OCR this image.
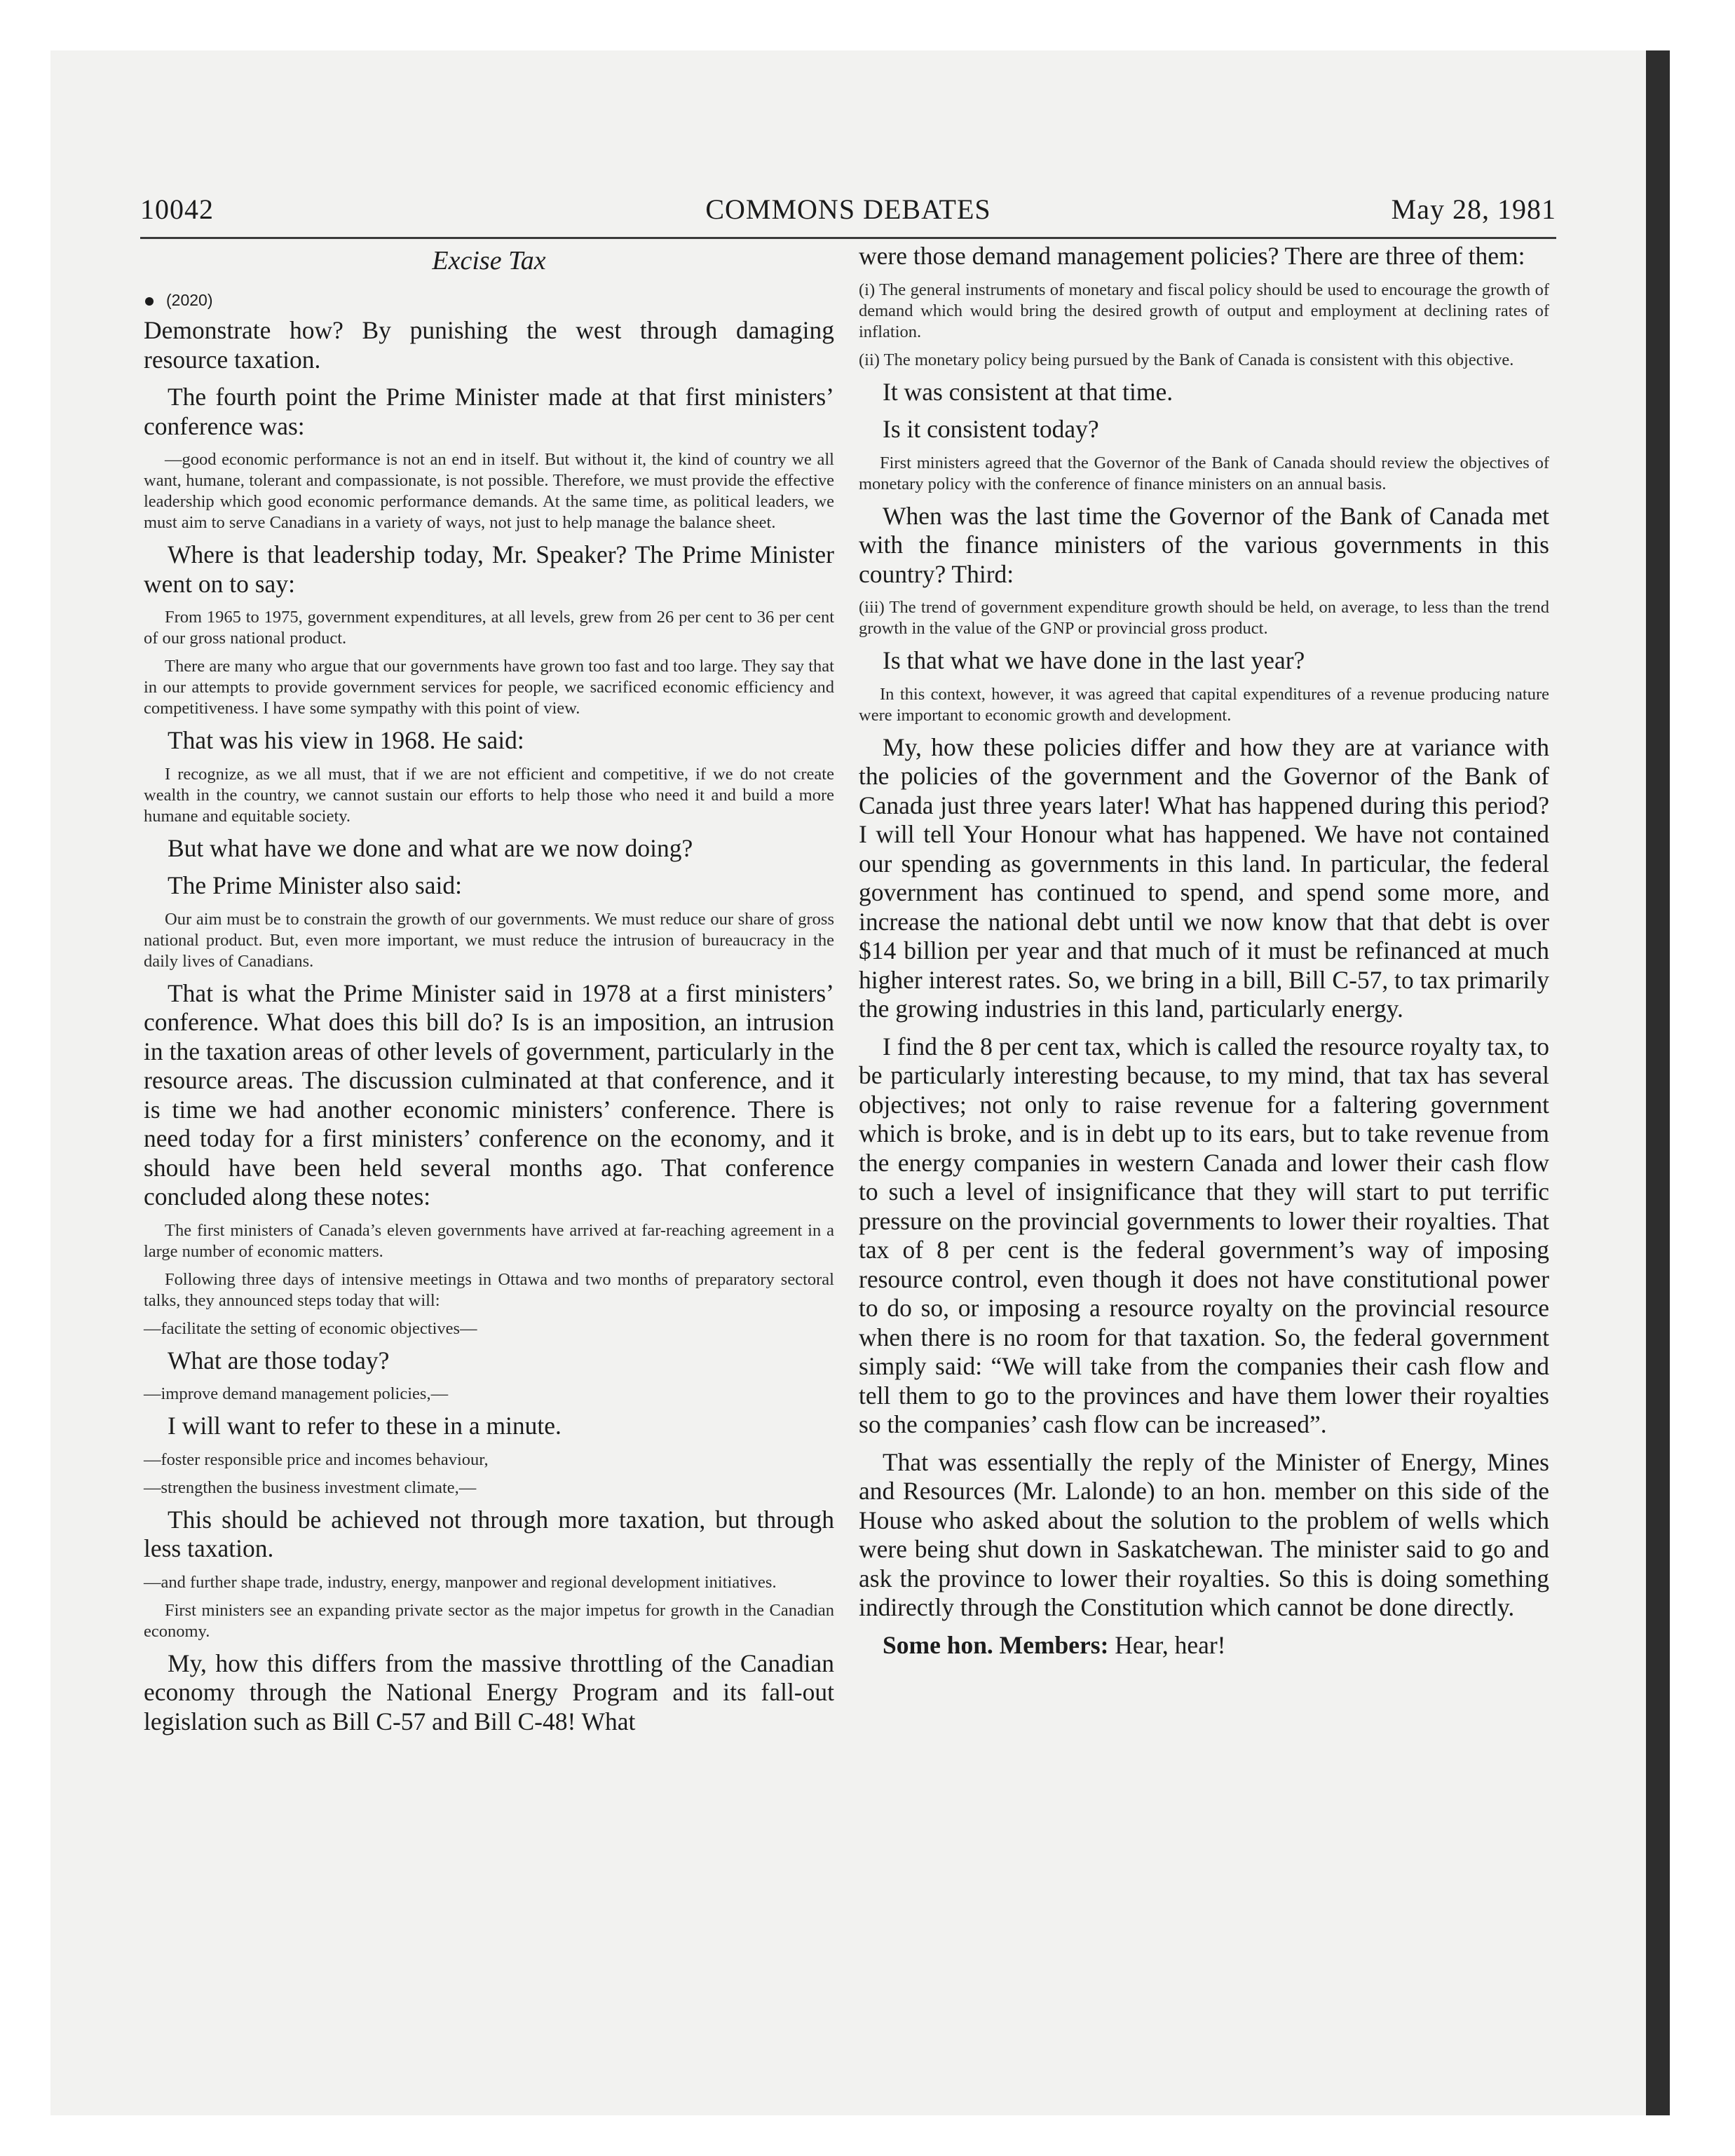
10042	COMMONS DEBATES	May 28, 1981
Excise Tax
(2020)

Demonstrate how? By punishing the west through damaging resource taxation.

The fourth point the Prime Minister made at that first ministers’ conference was:

—good economic performance is not an end in itself. But without it, the kind of country we all want, humane, tolerant and compassionate, is not possible. Therefore, we must provide the effective leadership which good economic performance demands. At the same time, as political leaders, we must aim to serve Canadians in a variety of ways, not just to help manage the balance sheet.

Where is that leadership today, Mr. Speaker? The Prime Minister went on to say:

From 1965 to 1975, government expenditures, at all levels, grew from 26 per cent to 36 per cent of our gross national product.

There are many who argue that our governments have grown too fast and too large. They say that in our attempts to provide government services for people, we sacrificed economic efficiency and competitiveness. I have some sympathy with this point of view.

That was his view in 1968. He said:

I recognize, as we all must, that if we are not efficient and competitive, if we do not create wealth in the country, we cannot sustain our efforts to help those who need it and build a more humane and equitable society.

But what have we done and what are we now doing?

The Prime Minister also said:

Our aim must be to constrain the growth of our governments. We must reduce our share of gross national product. But, even more important, we must reduce the intrusion of bureaucracy in the daily lives of Canadians.

That is what the Prime Minister said in 1978 at a first ministers’ conference. What does this bill do? Is is an imposition, an intrusion in the taxation areas of other levels of government, particularly in the resource areas. The discussion culminated at that conference, and it is time we had another economic ministers’ conference. There is need today for a first ministers’ conference on the economy, and it should have been held several months ago. That conference concluded along these notes:

The first ministers of Canada’s eleven governments have arrived at far-reaching agreement in a large number of economic matters.

Following three days of intensive meetings in Ottawa and two months of preparatory sectoral talks, they announced steps today that will:

—facilitate the setting of economic objectives—

What are those today?

—improve demand management policies,—

I will want to refer to these in a minute.

—foster responsible price and incomes behaviour,

—strengthen the business investment climate,—

This should be achieved not through more taxation, but through less taxation.

—and further shape trade, industry, energy, manpower and regional development initiatives.

First ministers see an expanding private sector as the major impetus for growth in the Canadian economy.

My, how this differs from the massive throttling of the Canadian economy through the National Energy Program and its fall-out legislation such as Bill C-57 and Bill C-48! What

were those demand management policies? There are three of them:

(i) The general instruments of monetary and fiscal policy should be used to encourage the growth of demand which would bring the desired growth of output and employment at declining rates of inflation.

(ii) The monetary policy being pursued by the Bank of Canada is consistent with this objective.

It was consistent at that time.

Is it consistent today?

First ministers agreed that the Governor of the Bank of Canada should review the objectives of monetary policy with the conference of finance ministers on an annual basis.

When was the last time the Governor of the Bank of Canada met with the finance ministers of the various governments in this country? Third:

(iii) The trend of government expenditure growth should be held, on average, to less than the trend growth in the value of the GNP or provincial gross product.

Is that what we have done in the last year?

In this context, however, it was agreed that capital expenditures of a revenue producing nature were important to economic growth and development.

My, how these policies differ and how they are at variance with the policies of the government and the Governor of the Bank of Canada just three years later! What has happened during this period? I will tell Your Honour what has happened. We have not contained our spending as governments in this land. In particular, the federal government has continued to spend, and spend some more, and increase the national debt until we now know that that debt is over $14 billion per year and that much of it must be refinanced at much higher interest rates. So, we bring in a bill, Bill C-57, to tax primarily the growing industries in this land, particularly energy.

I find the 8 per cent tax, which is called the resource royalty tax, to be particularly interesting because, to my mind, that tax has several objectives; not only to raise revenue for a faltering government which is broke, and is in debt up to its ears, but to take revenue from the energy companies in western Canada and lower their cash flow to such a level of insignificance that they will start to put terrific pressure on the provincial governments to lower their royalties. That tax of 8 per cent is the federal government’s way of imposing resource control, even though it does not have constitutional power to do so, or imposing a resource royalty on the provincial resource when there is no room for that taxation. So, the federal government simply said: “We will take from the companies their cash flow and tell them to go to the provinces and have them lower their royalties so the companies’ cash flow can be increased”.

That was essentially the reply of the Minister of Energy, Mines and Resources (Mr. Lalonde) to an hon. member on this side of the House who asked about the solution to the problem of wells which were being shut down in Saskatchewan. The minister said to go and ask the province to lower their royalties. So this is doing something indirectly through the Constitution which cannot be done directly.

Some hon. Members: Hear, hear!
